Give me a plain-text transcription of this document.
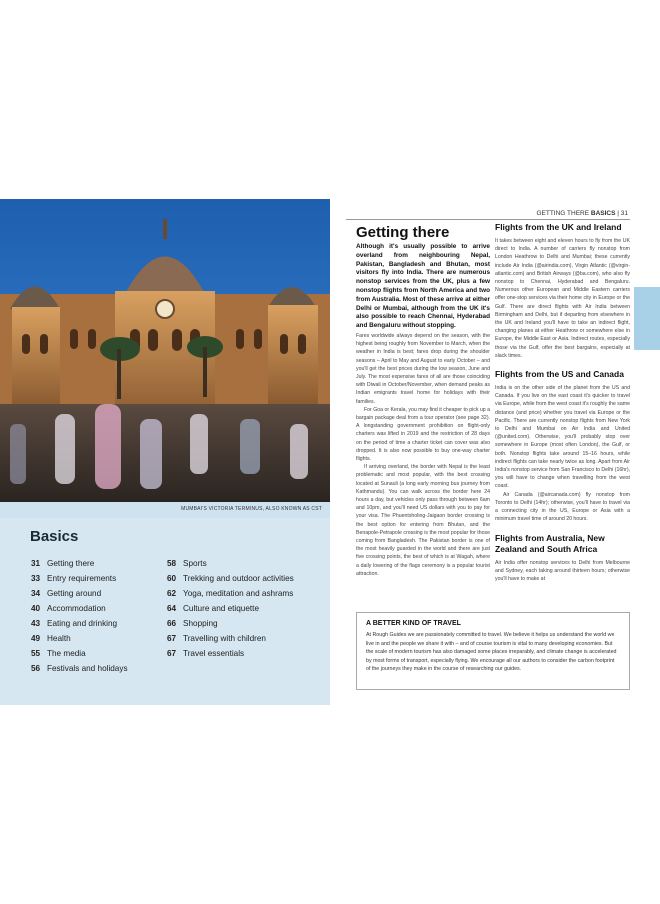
MUMBAI'S VICTORIA TERMINUS, ALSO KNOWN AS CST
Basics
31 Getting there
33 Entry requirements
34 Getting around
40 Accommodation
43 Eating and drinking
49 Health
55 The media
56 Festivals and holidays
58 Sports
60 Trekking and outdoor activities
62 Yoga, meditation and ashrams
64 Culture and etiquette
66 Shopping
67 Travelling with children
67 Travel essentials
GETTING THERE BASICS | 31
Getting there
Although it's usually possible to arrive overland from neighbouring Nepal, Pakistan, Bangladesh and Bhutan, most visitors fly into India. There are numerous nonstop services from the UK, plus a few nonstop flights from North America and two from Australia. Most of these arrive at either Delhi or Mumbai, although from the UK it's also possible to reach Chennai, Hyderabad and Bengaluru without stopping.
Fares worldwide always depend on the season, with the highest being roughly from November to March, when the weather in India is best; fares drop during the shoulder seasons – April to May and August to early October – and you'll get the best prices during the low season, June and July. The most expensive fares of all are those coinciding with Diwali in October/November, when demand peaks as Indian emigrants travel home for holidays with their families.
For Goa or Kerala, you may find it cheaper to pick up a bargain package deal from a tour operator (see page 32). A longstanding government prohibition on flight-only charters was lifted in 2019 and the restriction of 28 days on the period of time a charter ticket can cover was also dropped. It is also now possible to buy one-way charter flights.
If arriving overland, the border with Nepal is the least problematic and most popular, with the best crossing located at Sunauli (a long early morning bus journey from Kathmandu). You can walk across the border here 24 hours a day, but vehicles only pass through between 6am and 10pm, and you'll need US dollars with you to pay for your visa. The Phuentsholing-Jaigaon border crossing is the best option for entering from Bhutan, and the Benapole-Petrapole crossing is the most popular for those coming from Bangladesh. The Pakistan border is one of the most heavily guarded in the world and there are just five crossing points, the best of which is at Wagah, where a daily lowering of the flags ceremony is a popular tourist attraction.
Flights from the UK and Ireland
It takes between eight and eleven hours to fly from the UK direct to India. A number of carriers fly nonstop from London Heathrow to Delhi and Mumbai; these currently include Air India (@airindia.com), Virgin Atlantic (@virgin-atlantic.com) and British Airways (@ba.com), who also fly nonstop to Chennai, Hyderabad and Bengaluru. Numerous other European and Middle Eastern carriers offer one-stop services via their home city in Europe or the Gulf. There are direct flights with Air India between Birmingham and Delhi, but if departing from elsewhere in the UK and Ireland you'll have to take an indirect flight, changing planes at either Heathrow or somewhere else in Europe, the Middle East or Asia. Indirect routes, especially those via the Gulf, offer the best bargains, especially at slack times.
Flights from the US and Canada
India is on the other side of the planet from the US and Canada. If you live on the east coast it's quicker to travel via Europe, while from the west coast it's roughly the same distance (and price) whether you travel via Europe or the Pacific. There are currently nonstop flights from New York to Delhi and Mumbai on Air India and United (@united.com). Otherwise, you'll probably stop over somewhere in Europe (most often London), the Gulf, or both. Nonstop flights take around 15–16 hours, while indirect flights can take nearly twice as long. Apart from Air India's nonstop service from San Francisco to Delhi (16hr), you will have to change when travelling from the west coast.
Air Canada (@aircanada.com) fly nonstop from Toronto to Delhi (14hr); otherwise, you'll have to travel via a connecting city in the US, Europe or Asia with a minimum travel time of around 20 hours.
Flights from Australia, New Zealand and South Africa
Air India offer nonstop services to Delhi from Melbourne and Sydney, each taking around thirteen hours; otherwise you'll have to make at
A BETTER KIND OF TRAVEL
At Rough Guides we are passionately committed to travel. We believe it helps us understand the world we live in and the people we share it with – and of course tourism is vital to many developing economies. But the scale of modern tourism has also damaged some places irreparably, and climate change is accelerated by most forms of transport, especially flying. We encourage all our authors to consider the carbon footprint of the journeys they make in the course of researching our guides.
